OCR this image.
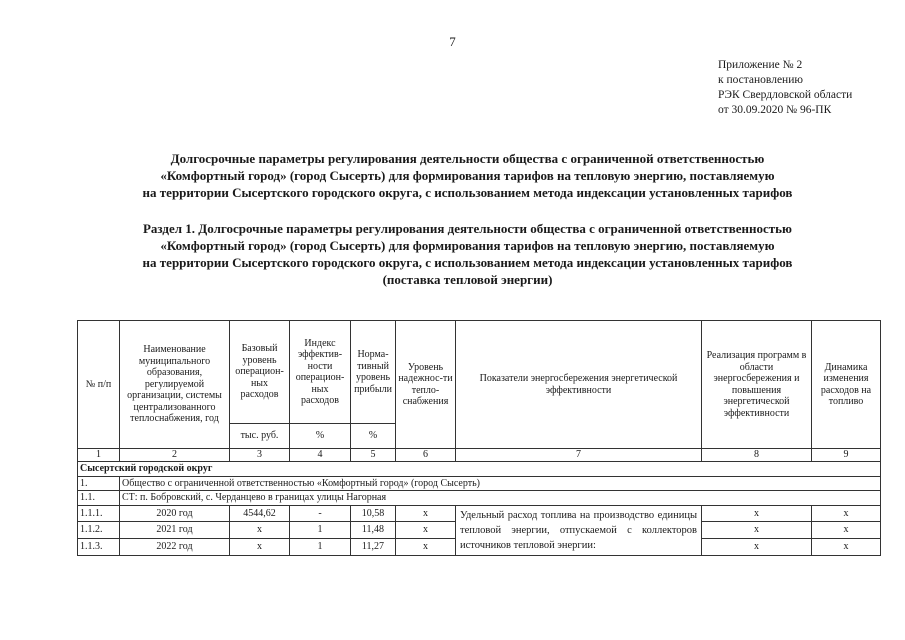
7
Приложение № 2
к постановлению
РЭК Свердловской области
от 30.09.2020 № 96-ПК
Долгосрочные параметры регулирования деятельности общества с ограниченной ответственностью
«Комфортный город» (город Сысерть) для формирования тарифов на тепловую энергию, поставляемую
на территории Сысертского городского округа, с использованием метода индексации установленных тарифов
Раздел 1. Долгосрочные параметры регулирования деятельности общества с ограниченной ответственностью
«Комфортный город» (город Сысерть) для формирования тарифов на тепловую энергию, поставляемую
на территории Сысертского городского округа, с использованием метода индексации установленных тарифов
(поставка тепловой энергии)
№ п/п	Наименование муниципального образования, регулируемой организации, системы централизованного теплоснабжения, год	Базовый уровень операцион-ных расходов	Индекс эффектив-ности операцион-ных расходов	Норма-тивный уровень прибыли	Уровень надежнос-ти тепло-снабжения	Показатели энергосбережения энергетической эффективности	Реализация программ в области энергосбережения и повышения энергетической эффективности	Динамика изменения расходов на топливо
		тыс. руб.	%	%				
1	2	3	4	5	6	7	8	9
Сысертский городской округ								
1.	Общество с ограниченной ответственностью «Комфортный город» (город Сысерть)							
1.1.	СТ: п. Бобровский, с. Черданцево в границах улицы Нагорная							
1.1.1.	2020 год	4544,62	-	10,58	x	Удельный расход топлива на производство единицы тепловой энергии, отпускаемой с коллекторов источников тепловой энергии:	x	x
1.1.2.	2021 год	x	1	11,48	x		x	x
1.1.3.	2022 год	x	1	11,27	x		x	x
